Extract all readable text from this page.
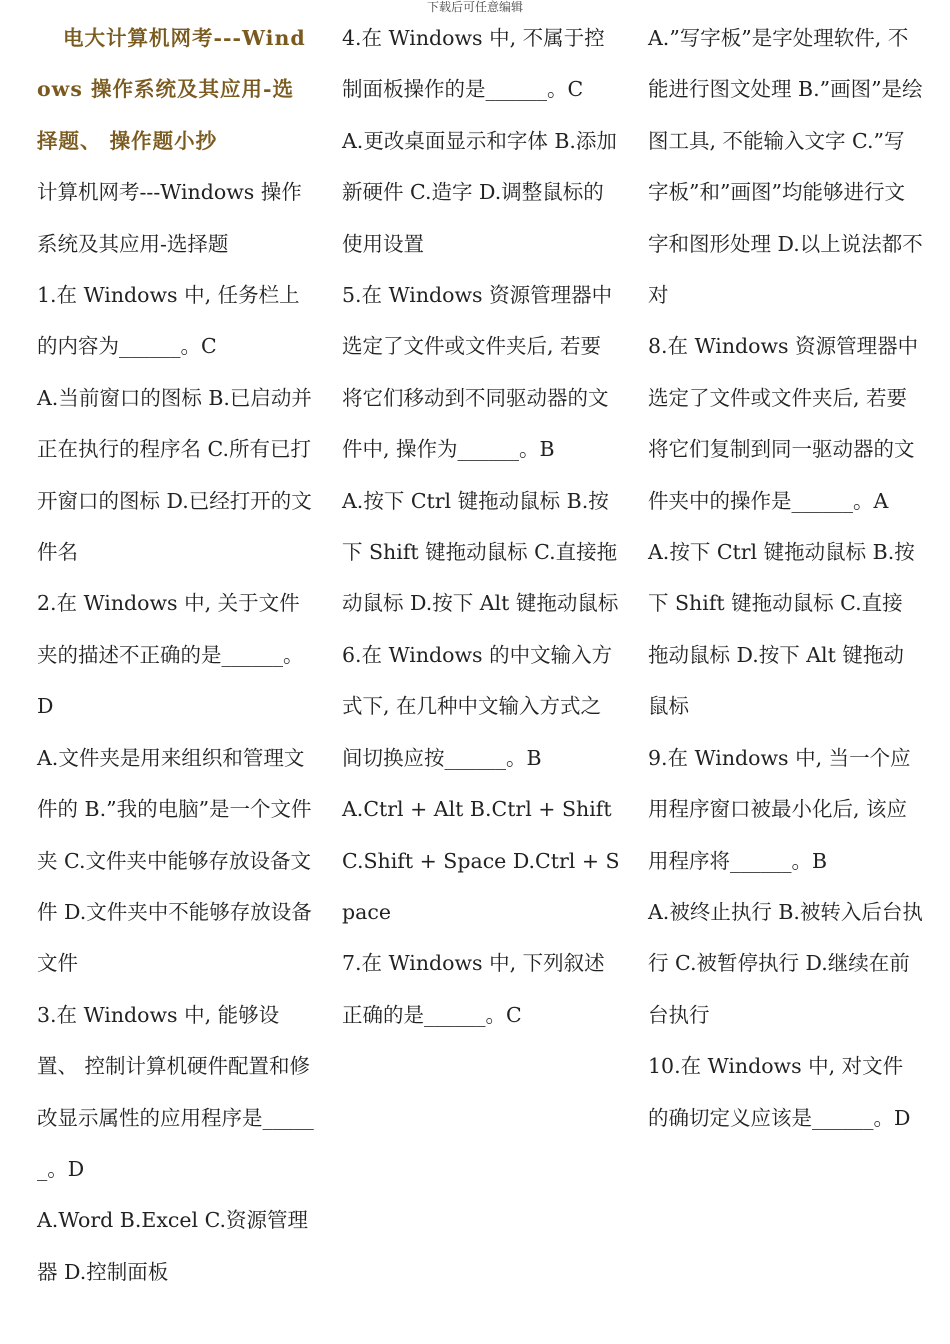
下载后可任意编辑

电大计算机网考---Windows 操作系统及其应用-选择题、 操作题小抄

计算机网考---Windows 操作系统及其应用-选择题

1.在 Windows 中, 任务栏上的内容为______。C

A.当前窗口的图标 B.已启动并正在执行的程序名 C.所有已打开窗口的图标 D.已经打开的文件名

2.在 Windows 中, 关于文件夹的描述不正确的是______。D

A.文件夹是用来组织和管理文件的 B.”我的电脑”是一个文件夹 C.文件夹中能够存放设备文件 D.文件夹中不能够存放设备文件

3.在 Windows 中, 能够设置、 控制计算机硬件配置和修改显示属性的应用程序是______。D

A.Word B.Excel C.资源管理器 D.控制面板

4.在 Windows 中, 不属于控制面板操作的是______。C

A.更改桌面显示和字体 B.添加新硬件 C.造字 D.调整鼠标的使用设置

5.在 Windows 资源管理器中选定了文件或文件夹后, 若要将它们移动到不同驱动器的文件中, 操作为______。B

A.按下 Ctrl 键拖动鼠标 B.按下 Shift 键拖动鼠标 C.直接拖动鼠标 D.按下 Alt 键拖动鼠标

6.在 Windows 的中文输入方式下, 在几种中文输入方式之间切换应按______。B

A.Ctrl + Alt B.Ctrl + Shift C.Shift + Space D.Ctrl + Space

7.在 Windows 中, 下列叙述正确的是______。C

A.”写字板”是字处理软件, 不能进行图文处理 B.”画图”是绘图工具, 不能输入文字 C.”写字板”和”画图”均能够进行文字和图形处理 D.以上说法都不对

8.在 Windows 资源管理器中选定了文件或文件夹后, 若要将它们复制到同一驱动器的文件夹中的操作是______。A

A.按下 Ctrl 键拖动鼠标 B.按下 Shift 键拖动鼠标 C.直接拖动鼠标 D.按下 Alt 键拖动鼠标

9.在 Windows 中, 当一个应用程序窗口被最小化后, 该应用程序将______。B

A.被终止执行 B.被转入后台执行 C.被暂停执行 D.继续在前台执行

10.在 Windows 中, 对文件的确切定义应该是______。D
